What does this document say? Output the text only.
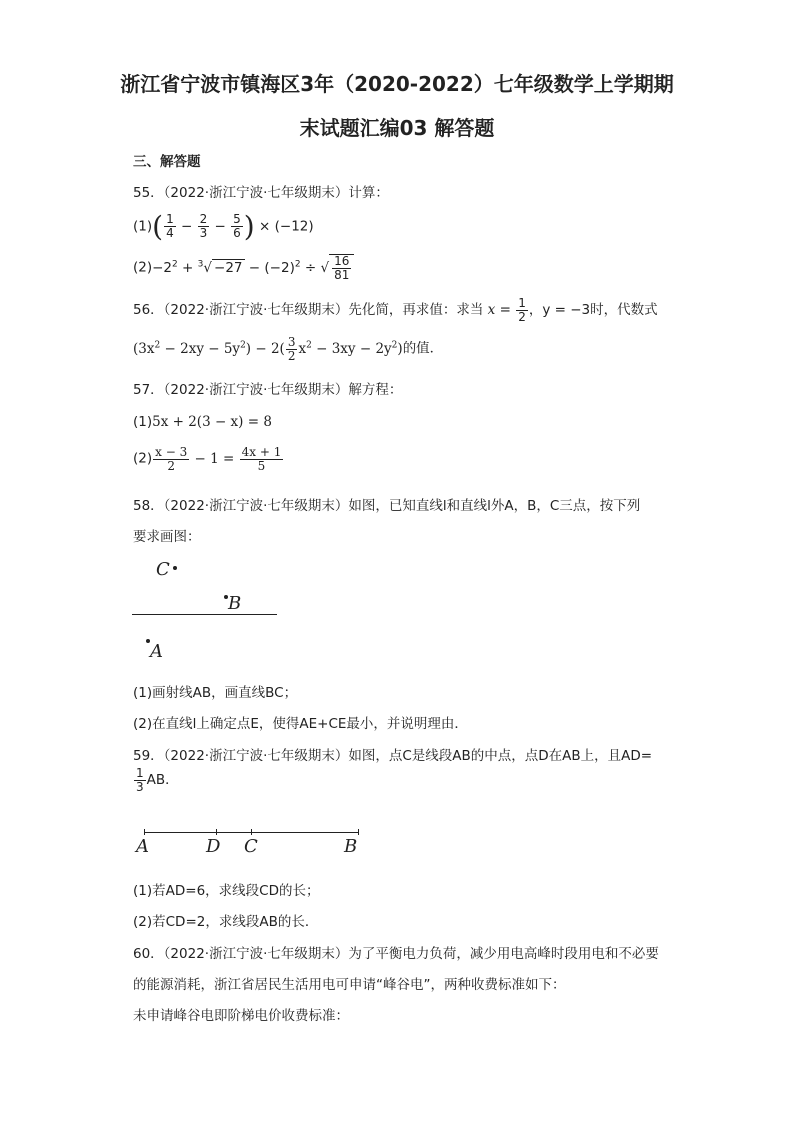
浙江省宁波市镇海区3年（2020-2022）七年级数学上学期期
末试题汇编03 解答题
三、解答题
55．（2022·浙江宁波·七年级期末）计算：
$(1)( \frac{1}{4} - \frac{2}{3} - \frac{5}{6}$ ) × (−12)
$(2)-2^2 + ^3√ -27 - (-2)^2$ ÷ √ $\frac{16}{81}$
56．（2022·浙江宁波·七年级期末）先化简，再求值：求当 $x = \frac{1}{2}$ ，y = −3时，代数式
$(3x^2 - 2xy - 5y^2) - 2( \frac{3}{2} x^2 - 3xy - 2y^2)$的值．
57．（2022·浙江宁波·七年级期末）解方程：
(1)5x + 2(3 − x) = 8
$(2) \frac{x - 3}{2} - 1 = \frac{4x + 1}{5}$
58．（2022·浙江宁波·七年级期末）如图，已知直线l和直线l外A，B，C三点，按下列
要求画图：
C
B
A
(1)画射线AB，画直线BC；
(2)在直线l上确定点E，使得AE+CE最小，并说明理由．
59．（2022·浙江宁波·七年级期末）如图，点C是线段AB的中点，点D在AB上，且AD=
$\frac{1}{3}$ AB．
A	D C	B
(1)若AD=6，求线段CD的长；
(2)若CD=2，求线段AB的长．
60．（2022·浙江宁波·七年级期末）为了平衡电力负荷，减少用电高峰时段用电和不必要
的能源消耗，浙江省居民生活用电可申请“峰谷电”，两种收费标准如下：
未申请峰谷电即阶梯电价收费标准：
